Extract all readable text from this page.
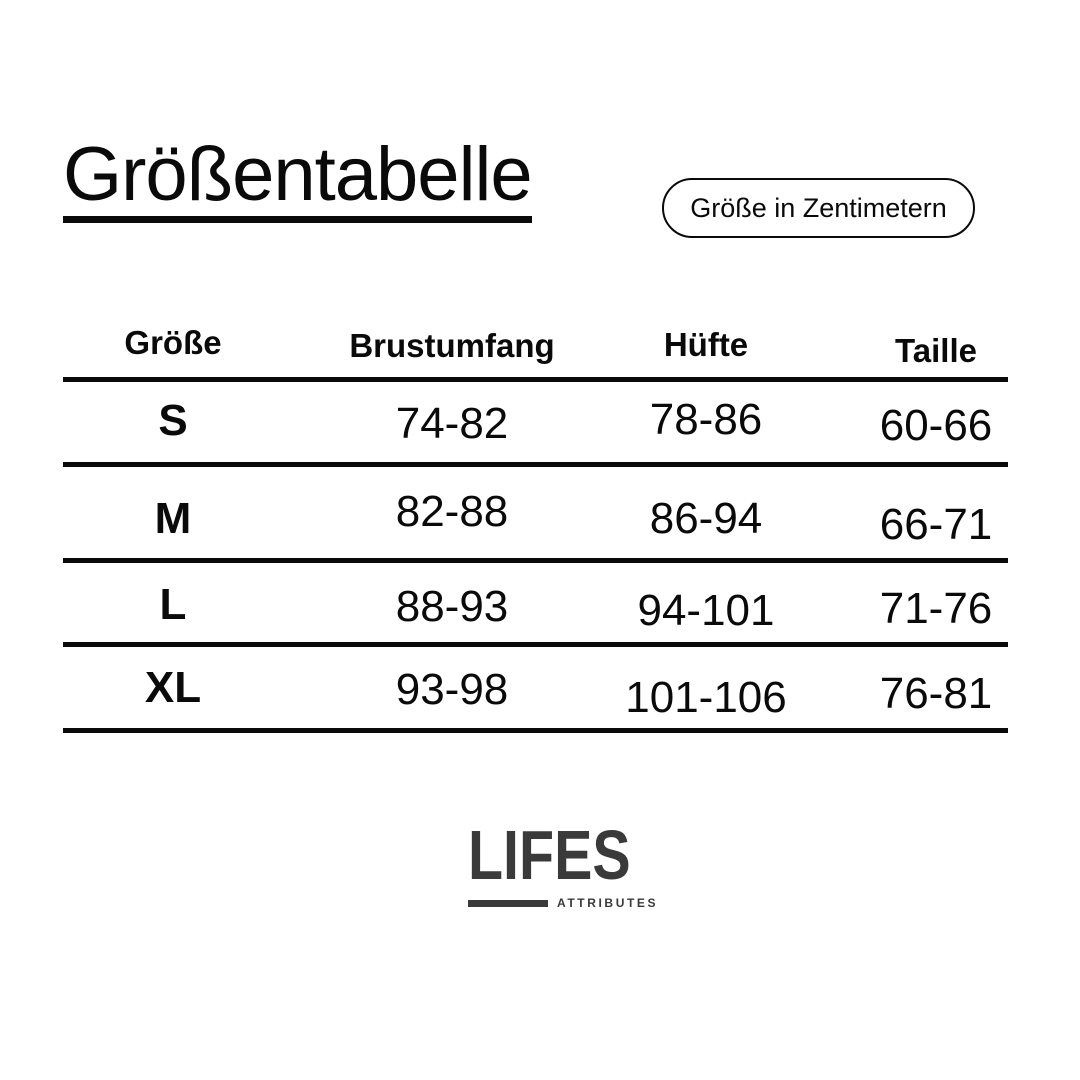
Größentabelle	Größe in Zentimetern
Größe	Brustumfang	Hüfte	Taille
S	74-82	78-86	60-66
M	82-88	86-94	66-71
L	88-93	94-101 71-76
XL	93-98	101-106 76-81
LIFES
ATTRIBUTES
